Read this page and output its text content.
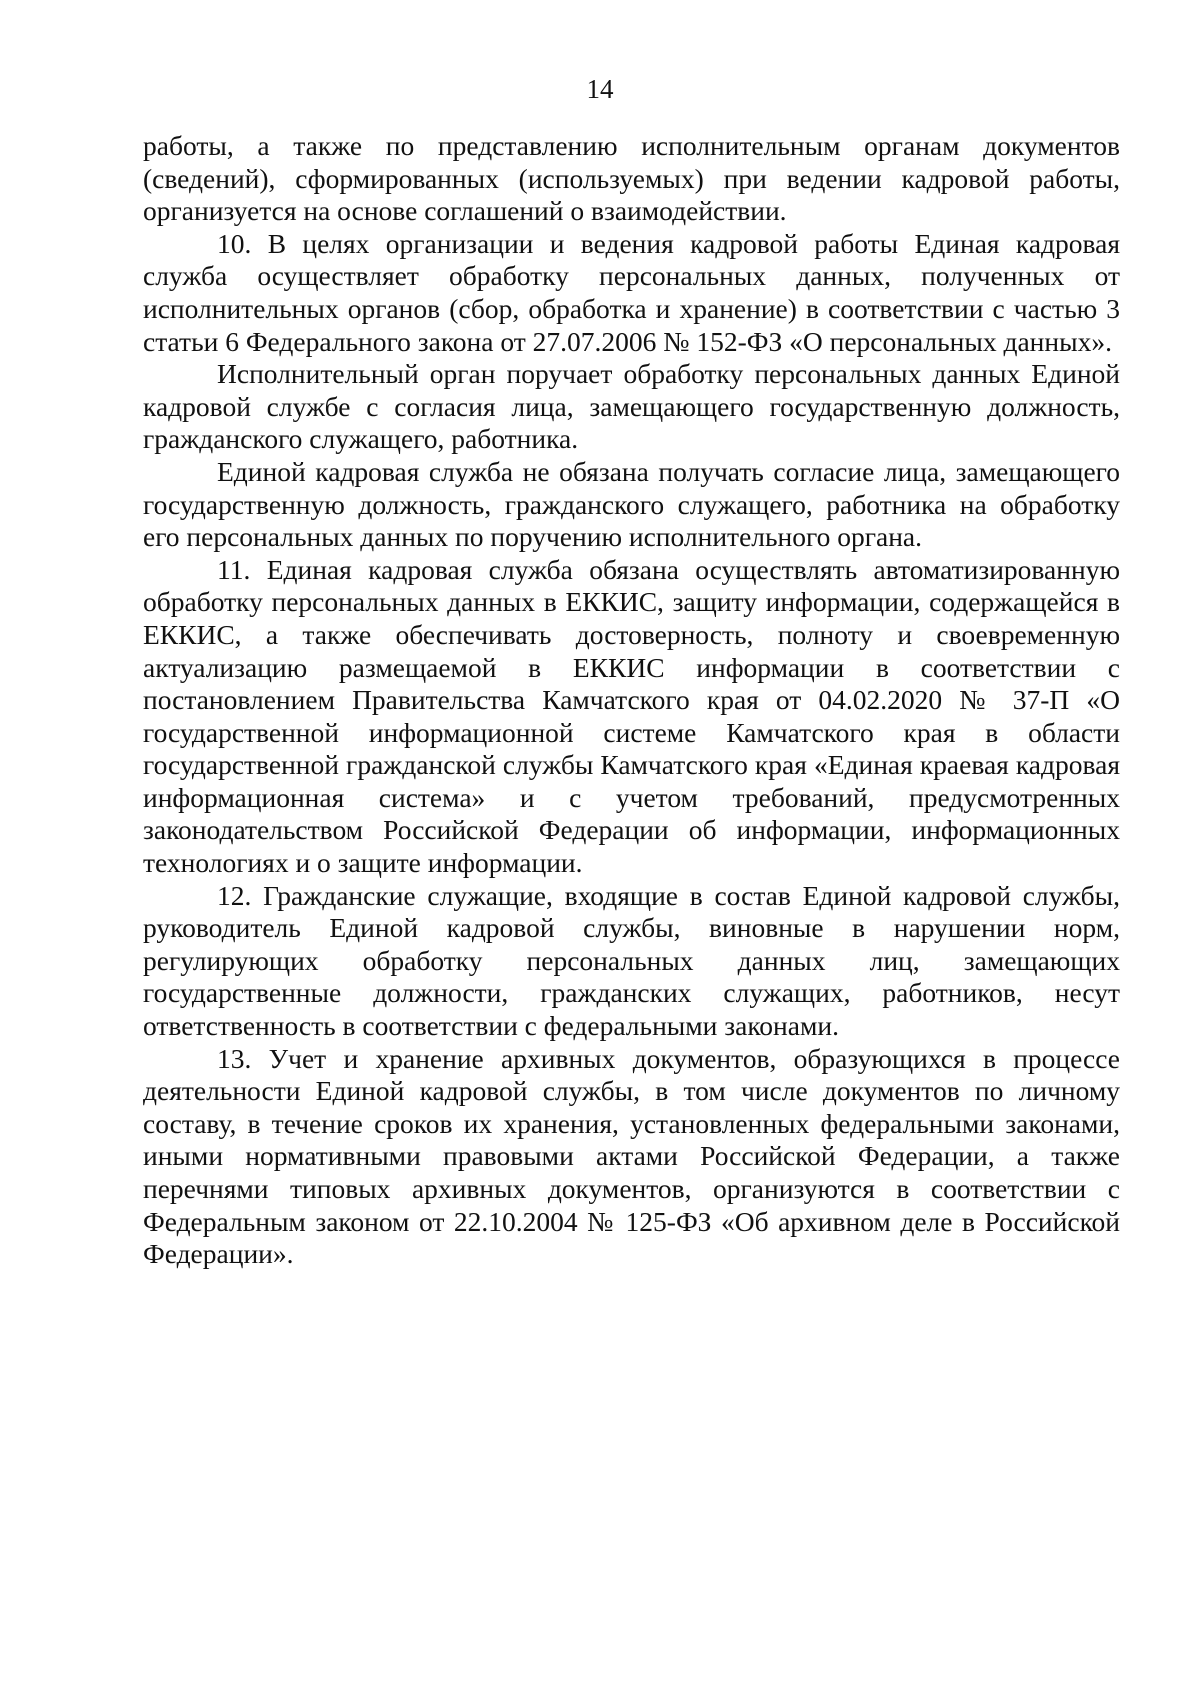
14

работы, а также по представлению исполнительным органам документов (сведений), сформированных (используемых) при ведении кадровой работы, организуется на основе соглашений о взаимодействии.

10. В целях организации и ведения кадровой работы Единая кадровая служба осуществляет обработку персональных данных, полученных от исполнительных органов (сбор, обработка и хранение) в соответствии с частью 3 статьи 6 Федерального закона от 27.07.2006 № 152-ФЗ «О персональных данных».

Исполнительный орган поручает обработку персональных данных Единой кадровой службе с согласия лица, замещающего государственную должность, гражданского служащего, работника.

Единой кадровая служба не обязана получать согласие лица, замещающего государственную должность, гражданского служащего, работника на обработку его персональных данных по поручению исполнительного органа.

11. Единая кадровая служба обязана осуществлять автоматизированную обработку персональных данных в ЕККИС, защиту информации, содержащейся в ЕККИС, а также обеспечивать достоверность, полноту и своевременную актуализацию размещаемой в ЕККИС информации в соответствии с постановлением Правительства Камчатского края от 04.02.2020 № 37-П «О государственной информационной системе Камчатского края в области государственной гражданской службы Камчатского края «Единая краевая кадровая информационная система» и с учетом требований, предусмотренных законодательством Российской Федерации об информации, информационных технологиях и о защите информации.

12. Гражданские служащие, входящие в состав Единой кадровой службы, руководитель Единой кадровой службы, виновные в нарушении норм, регулирующих обработку персональных данных лиц, замещающих государственные должности, гражданских служащих, работников, несут ответственность в соответствии с федеральными законами.

13. Учет и хранение архивных документов, образующихся в процессе деятельности Единой кадровой службы, в том числе документов по личному составу, в течение сроков их хранения, установленных федеральными законами, иными нормативными правовыми актами Российской Федерации, а также перечнями типовых архивных документов, организуются в соответствии с Федеральным законом от 22.10.2004 № 125-ФЗ «Об архивном деле в Российской Федерации».
